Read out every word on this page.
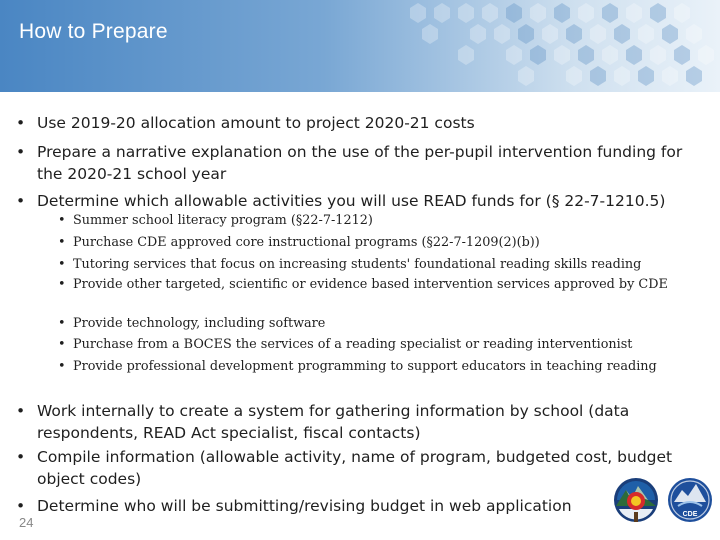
How to Prepare
• Use 2019-20 allocation amount to project 2020-21 costs
• Prepare a narrative explanation on the use of the per-pupil intervention funding for the 2020-21 school year
• Determine which allowable activities you will use READ funds for (§ 22-7-1210.5)
• Summer school literacy program (§22-7-1212)
• Purchase CDE approved core instructional programs (§22-7-1209(2)(b))
• Tutoring services that focus on increasing students' foundational reading skills reading
• Provide other targeted, scientific or evidence based intervention services approved by CDE
• Provide technology, including software
• Purchase from a BOCES the services of a reading specialist or reading interventionist
• Provide professional development programming to support educators in teaching reading
• Work internally to create a system for gathering information by school (data respondents, READ Act specialist, fiscal contacts)
• Compile information (allowable activity, name of program, budgeted cost, budget object codes)
• Determine who will be submitting/revising budget in web application
24
CDE
